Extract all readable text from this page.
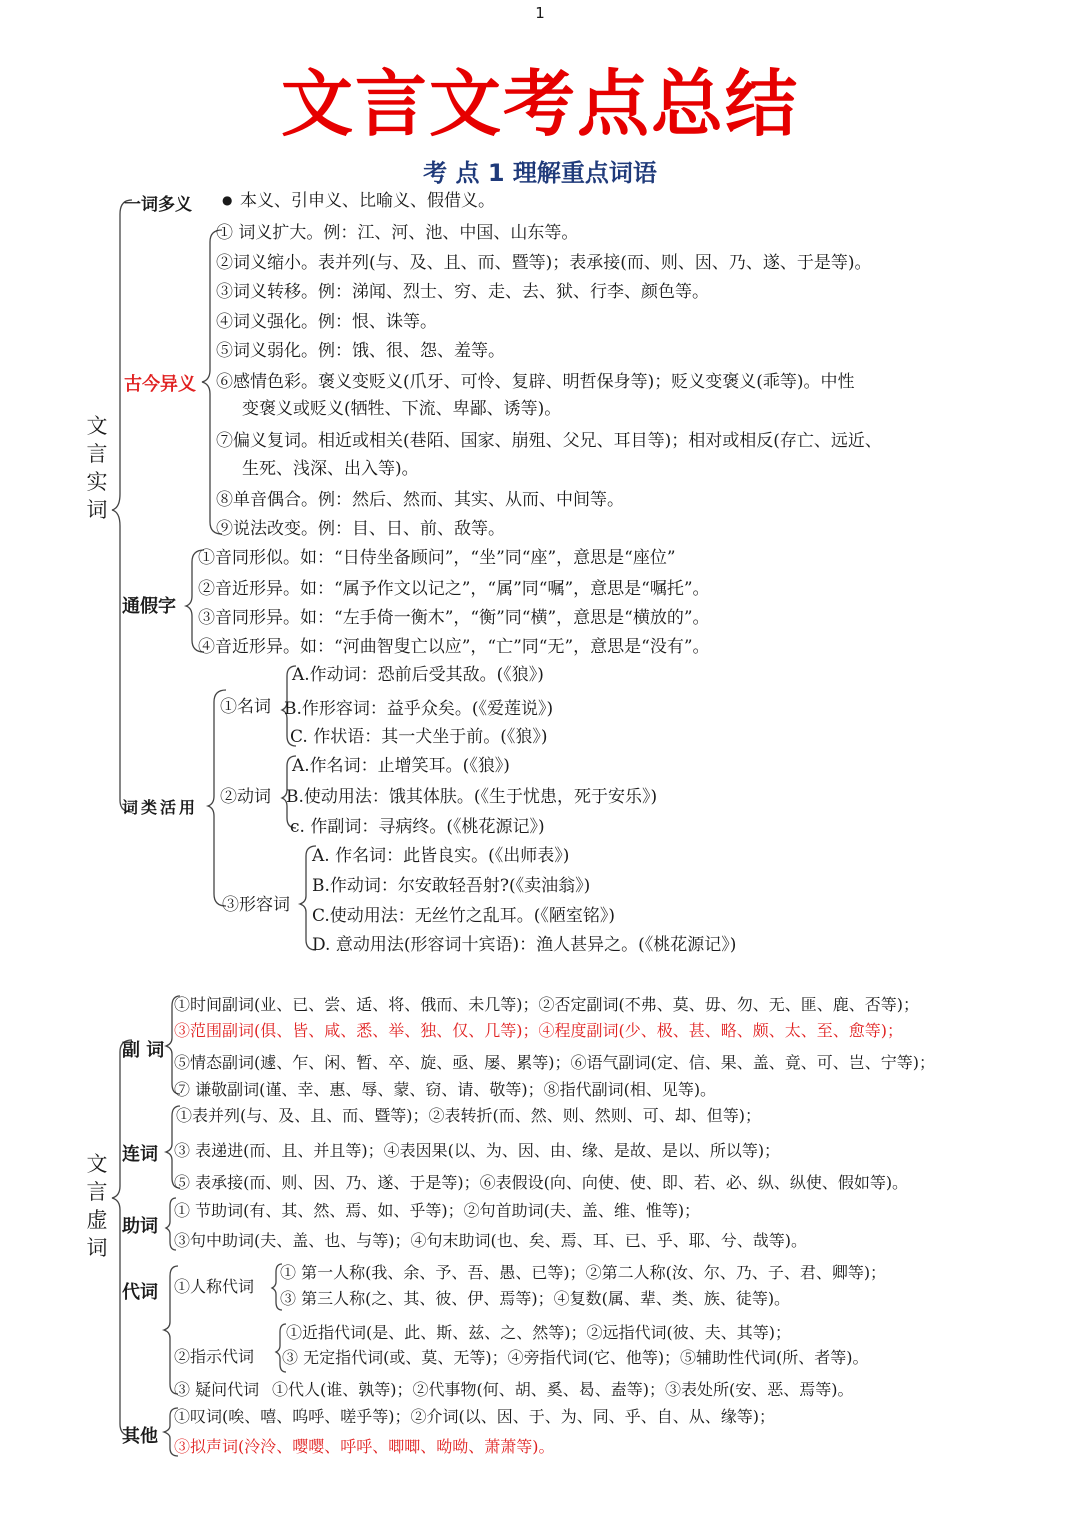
1
文言文考点总结
考 点 1 理解重点词语
文言实词
一词多义	● 本义、引申义、比喻义、假借义。
古今异义
① 词义扩大。例：江、河、池、中国、山东等。
②词义缩小。表并列(与、及、且、而、暨等)；表承接(而、则、因、乃、遂、于是等)。
③词义转移。例：涕闻、烈士、穷、走、去、狱、行李、颜色等。
④词义强化。例：恨、诛等。
⑤词义弱化。例：饿、很、怨、羞等。
⑥感情色彩。褒义变贬义(爪牙、可怜、复辟、明哲保身等)；贬义变褒义(乖等)。中性
变褒义或贬义(牺牲、下流、卑鄙、诱等)。
⑦偏义复词。相近或相关(巷陌、国家、崩殂、父兄、耳目等)；相对或相反(存亡、远近、
生死、浅深、出入等)。
⑧单音偶合。例：然后、然而、其实、从而、中间等。
⑨说法改变。例：目、日、前、敌等。
通假字
①音同形似。如：“日侍坐备顾问”，“坐”同“座”，意思是“座位”
②音近形异。如：“属予作文以记之”，“属”同“嘱”，意思是“嘱托”。
③音同形异。如：“左手倚一衡木”，“衡”同“横”，意思是“横放的”。
④音近形异。如：“河曲智叟亡以应”，“亡”同“无”，意思是“没有”。
词类活用
①名词
A.作动词：恐前后受其敌。(《狼》)
B.作形容词：益乎众矣。(《爱莲说》)
C. 作状语：其一犬坐于前。(《狼》)
②动词
A.作名词：止增笑耳。(《狼》)
B.使动用法：饿其体肤。(《生于忧患，死于安乐》)
c. 作副词：寻病终。(《桃花源记》)
③形容词
A. 作名词：此皆良实。(《出师表》)
B.作动词：尔安敢轻吾射?(《卖油翁》)
C.使动用法：无丝竹之乱耳。(《陋室铭》)
D. 意动用法(形容词十宾语)：渔人甚异之。(《桃花源记》)
文言虚词
副 词
①时间副词(业、已、尝、适、将、俄而、未几等)；②否定副词(不弗、莫、毋、勿、无、匪、鹿、否等)；
③范围副词(俱、皆、咸、悉、举、独、仅、几等)；④程度副词(少、极、甚、略、颇、太、至、愈等)；
⑤情态副词(遽、乍、闲、暂、卒、旋、亟、屡、累等)；⑥语气副词(定、信、果、盖、竟、可、岂、宁等)；
⑦ 谦敬副词(谨、幸、惠、辱、蒙、窃、请、敬等)；⑧指代副词(相、见等)。
连词
①表并列(与、及、且、而、暨等)；②表转折(而、然、则、然则、可、却、但等)；
③ 表递进(而、且、并且等)；④表因果(以、为、因、由、缘、是故、是以、所以等)；
⑤ 表承接(而、则、因、乃、遂、于是等)；⑥表假设(向、向使、使、即、若、必、纵、纵使、假如等)。
助词
① 节助词(有、其、然、焉、如、乎等)；②句首助词(夫、盖、维、惟等)；
③句中助词(夫、盖、也、与等)；④句末助词(也、矣、焉、耳、已、乎、耶、兮、哉等)。
代词 ①人称代词
① 第一人称(我、余、予、吾、愚、已等)；②第二人称(汝、尔、乃、子、君、卿等)；
③ 第三人称(之、其、彼、伊、焉等)；④复数(属、辈、类、族、徒等)。
②指示代词
①近指代词(是、此、斯、兹、之、然等)；②远指代词(彼、夫、其等)；
③ 无定指代词(或、莫、无等)；④旁指代词(它、他等)；⑤辅助性代词(所、者等)。
③ 疑问代词 ①代人(谁、孰等)；②代事物(何、胡、奚、曷、盍等)；③表处所(安、恶、焉等)。
其他
①叹词(唉、嘻、呜呼、嗟乎等)；②介词(以、因、于、为、同、乎、自、从、缘等)；
③拟声词(泠泠、嘤嘤、呼呼、唧唧、呦呦、萧萧等)。
